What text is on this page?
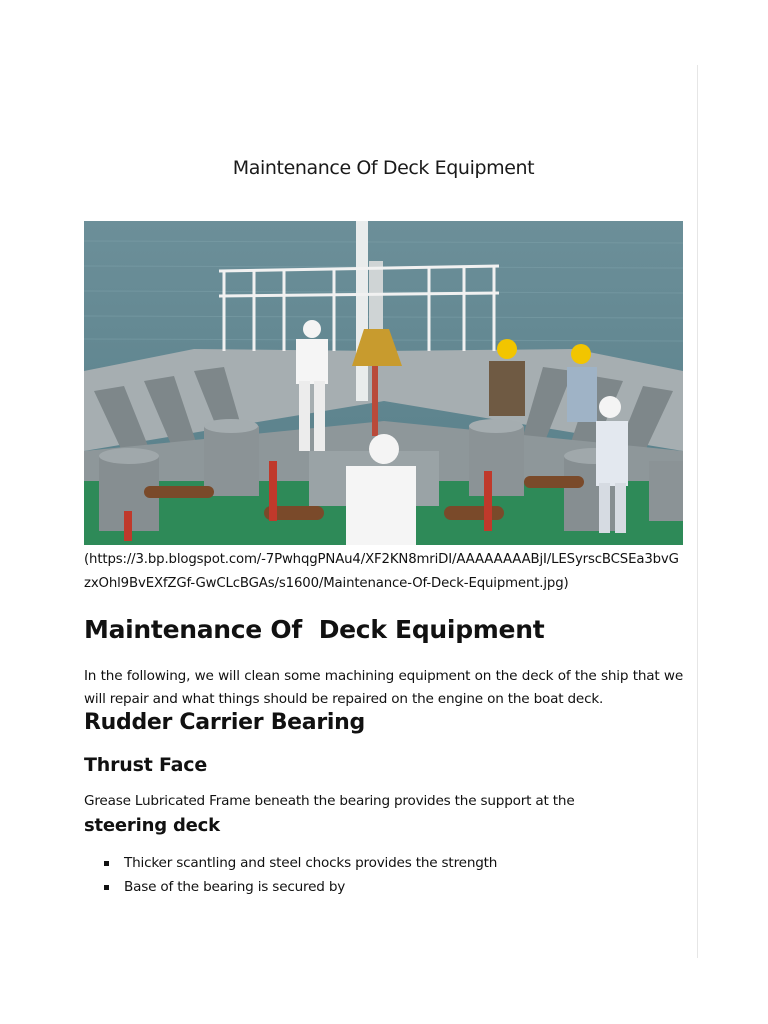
Maintenance Of Deck Equipment
(https://3.bp.blogspot.com/-7PwhqgPNAu4/XF2KN8mriDI/AAAAAAAABjI/LESyrscBCSEa3bvGzxOhl9BvEXfZGf-GwCLcBGAs/s1600/Maintenance-Of-Deck-Equipment.jpg)
Maintenance Of  Deck Equipment

In the following, we will clean some machining equipment on the deck of the ship that we will repair and what things should be repaired on the engine on the boat deck.

Rudder Carrier Bearing
Thrust Face
Grease Lubricated Frame beneath the bearing provides the support at the
steering deck
Thicker scantling and steel chocks provides the strength
Base of the bearing is secured by
